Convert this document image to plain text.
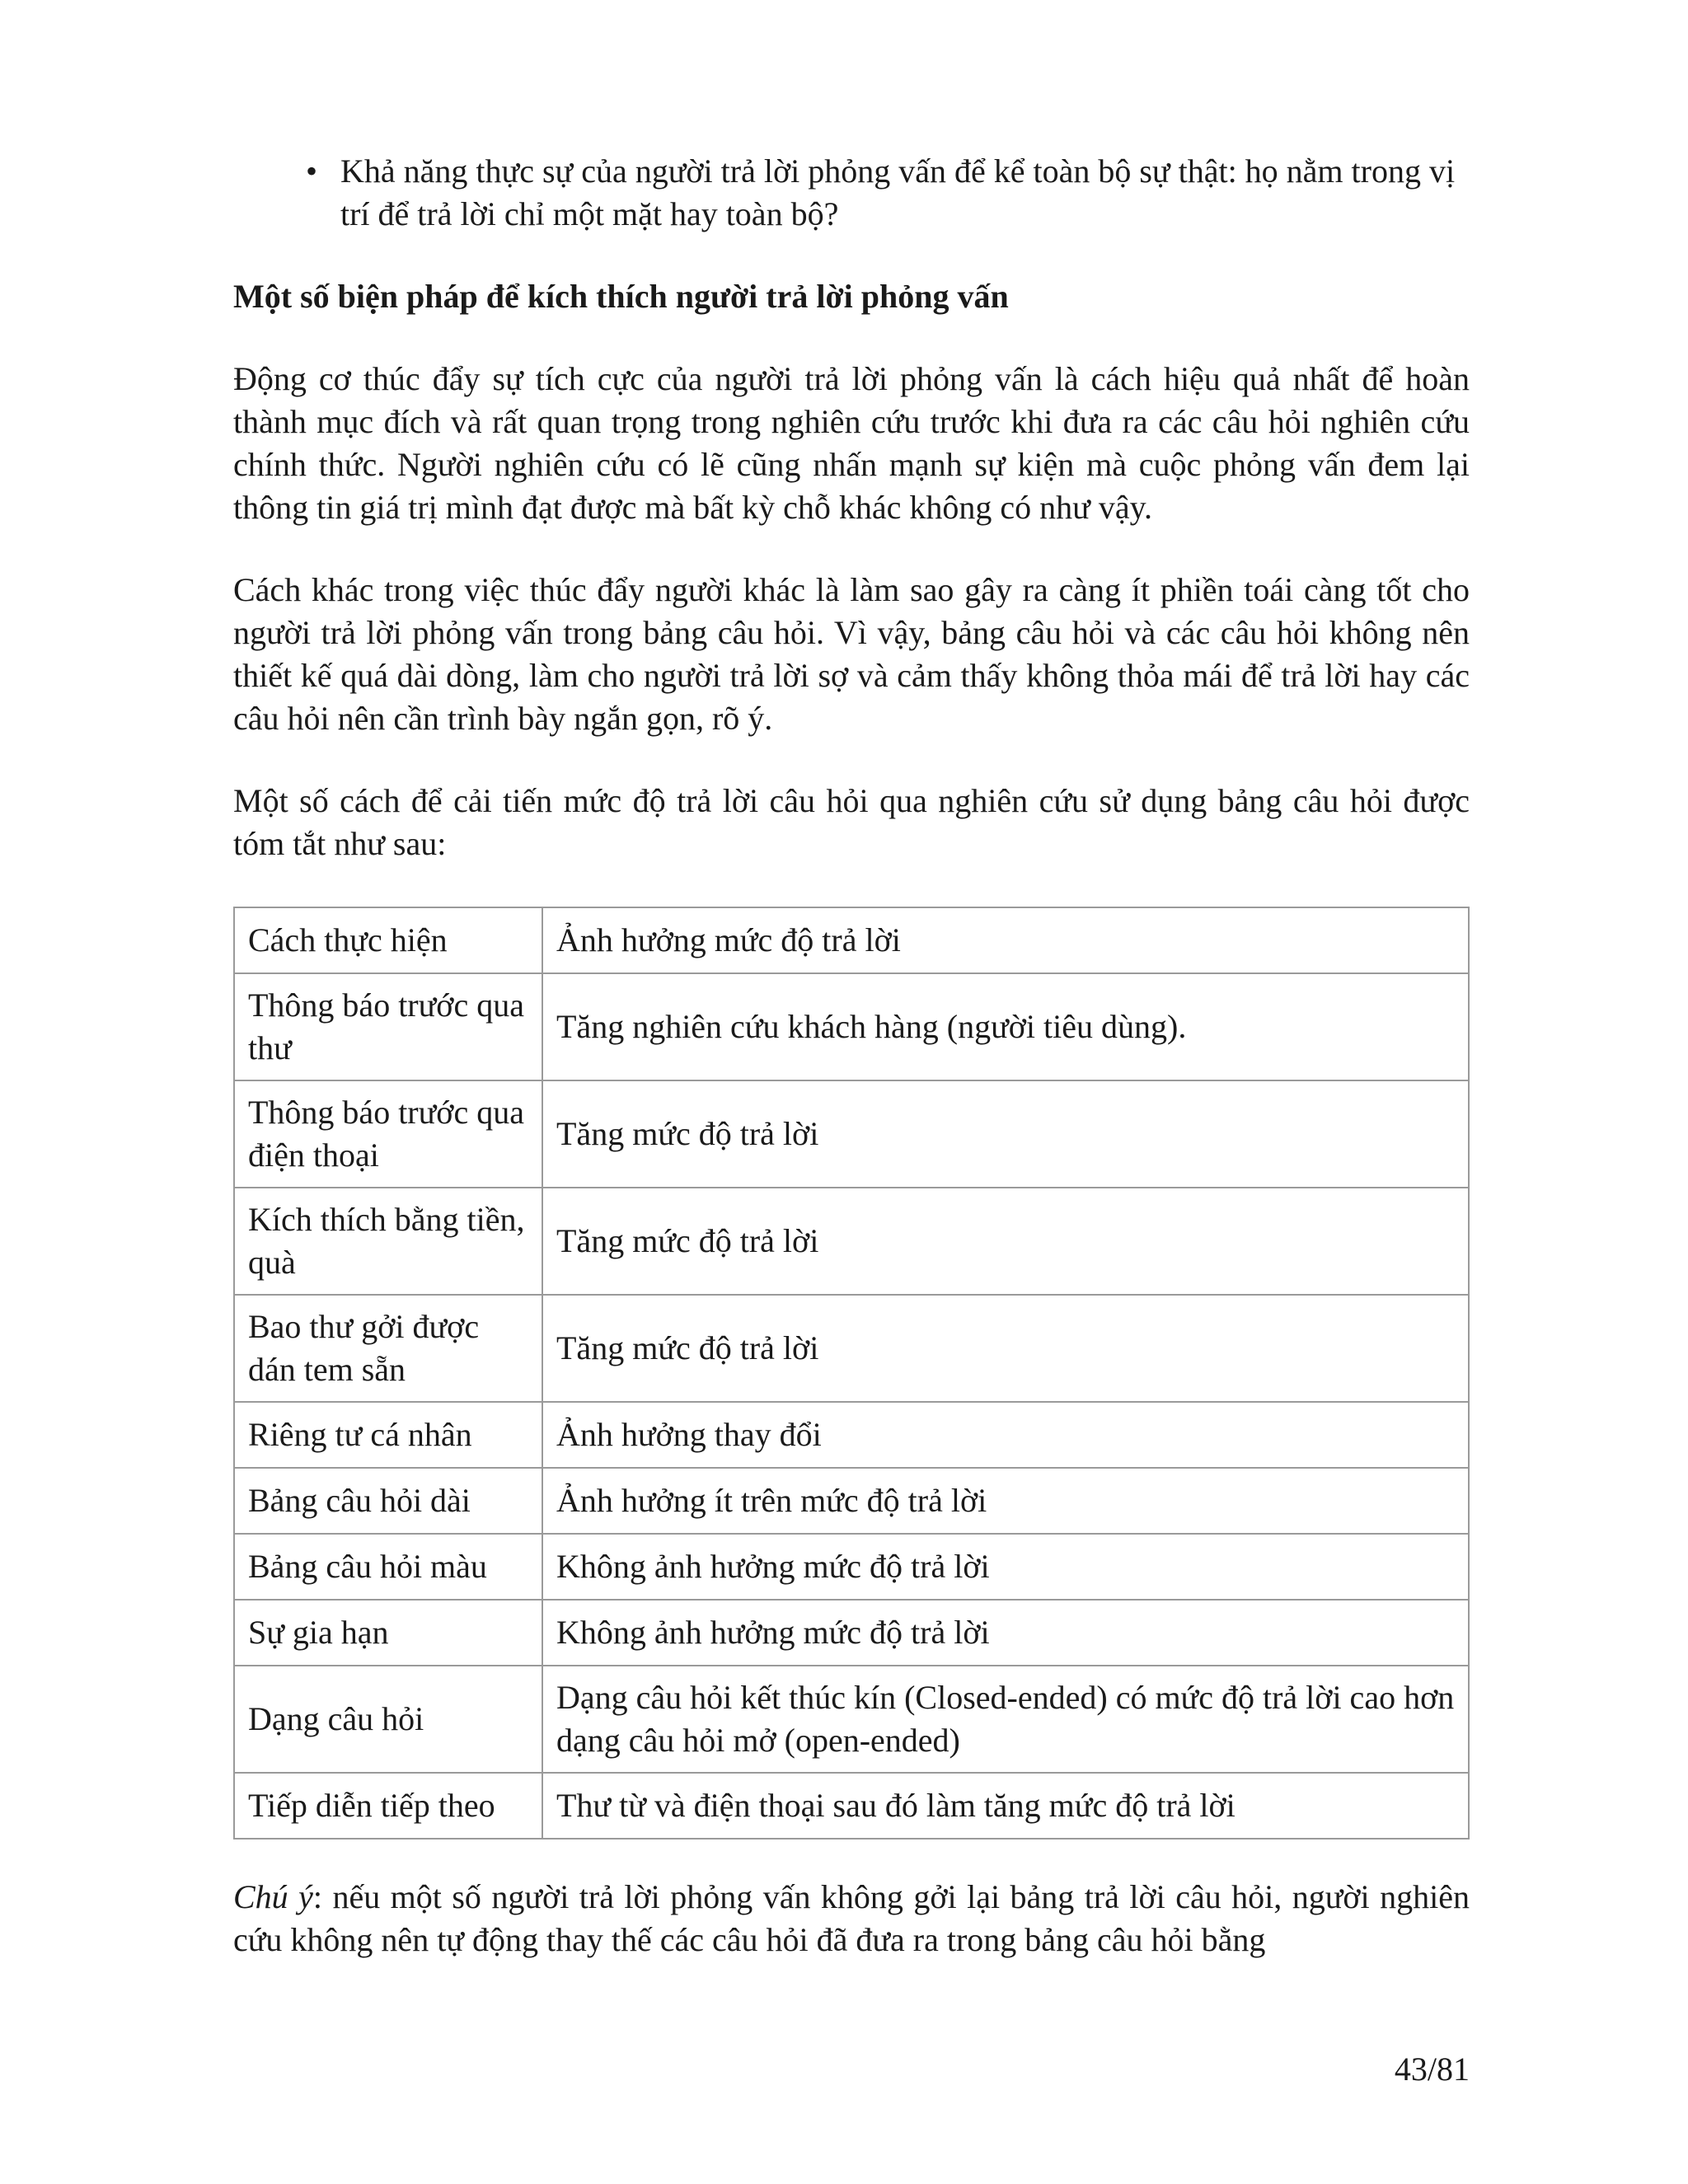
• Khả năng thực sự của người trả lời phỏng vấn để kể toàn bộ sự thật: họ nằm trong vị trí để trả lời chỉ một mặt hay toàn bộ?

Một số biện pháp để kích thích người trả lời phỏng vấn

Động cơ thúc đẩy sự tích cực của người trả lời phỏng vấn là cách hiệu quả nhất để hoàn thành mục đích và rất quan trọng trong nghiên cứu trước khi đưa ra các câu hỏi nghiên cứu chính thức. Người nghiên cứu có lẽ cũng nhấn mạnh sự kiện mà cuộc phỏng vấn đem lại thông tin giá trị mình đạt được mà bất kỳ chỗ khác không có như vậy.

Cách khác trong việc thúc đẩy người khác là làm sao gây ra càng ít phiền toái càng tốt cho người trả lời phỏng vấn trong bảng câu hỏi. Vì vậy, bảng câu hỏi và các câu hỏi không nên thiết kế quá dài dòng, làm cho người trả lời sợ và cảm thấy không thỏa mái để trả lời hay các câu hỏi nên cần trình bày ngắn gọn, rõ ý.

Một số cách để cải tiến mức độ trả lời câu hỏi qua nghiên cứu sử dụng bảng câu hỏi được tóm tắt như sau:

Cách thực hiện	Ảnh hưởng mức độ trả lời
Thông báo trước qua thư	Tăng nghiên cứu khách hàng (người tiêu dùng).
Thông báo trước qua điện thoại	Tăng mức độ trả lời
Kích thích bằng tiền, quà	Tăng mức độ trả lời
Bao thư gởi được dán tem sẵn	Tăng mức độ trả lời
Riêng tư cá nhân	Ảnh hưởng thay đổi
Bảng câu hỏi dài	Ảnh hưởng ít trên mức độ trả lời
Bảng câu hỏi màu	Không ảnh hưởng mức độ trả lời
Sự gia hạn	Không ảnh hưởng mức độ trả lời
Dạng câu hỏi	Dạng câu hỏi kết thúc kín (Closed-ended) có mức độ trả lời cao hơn dạng câu hỏi mở (open-ended)
Tiếp diễn tiếp theo	Thư từ và điện thoại sau đó làm tăng mức độ trả lời

Chú ý: nếu một số người trả lời phỏng vấn không gởi lại bảng trả lời câu hỏi, người nghiên cứu không nên tự động thay thế các câu hỏi đã đưa ra trong bảng câu hỏi bằng

43/81
